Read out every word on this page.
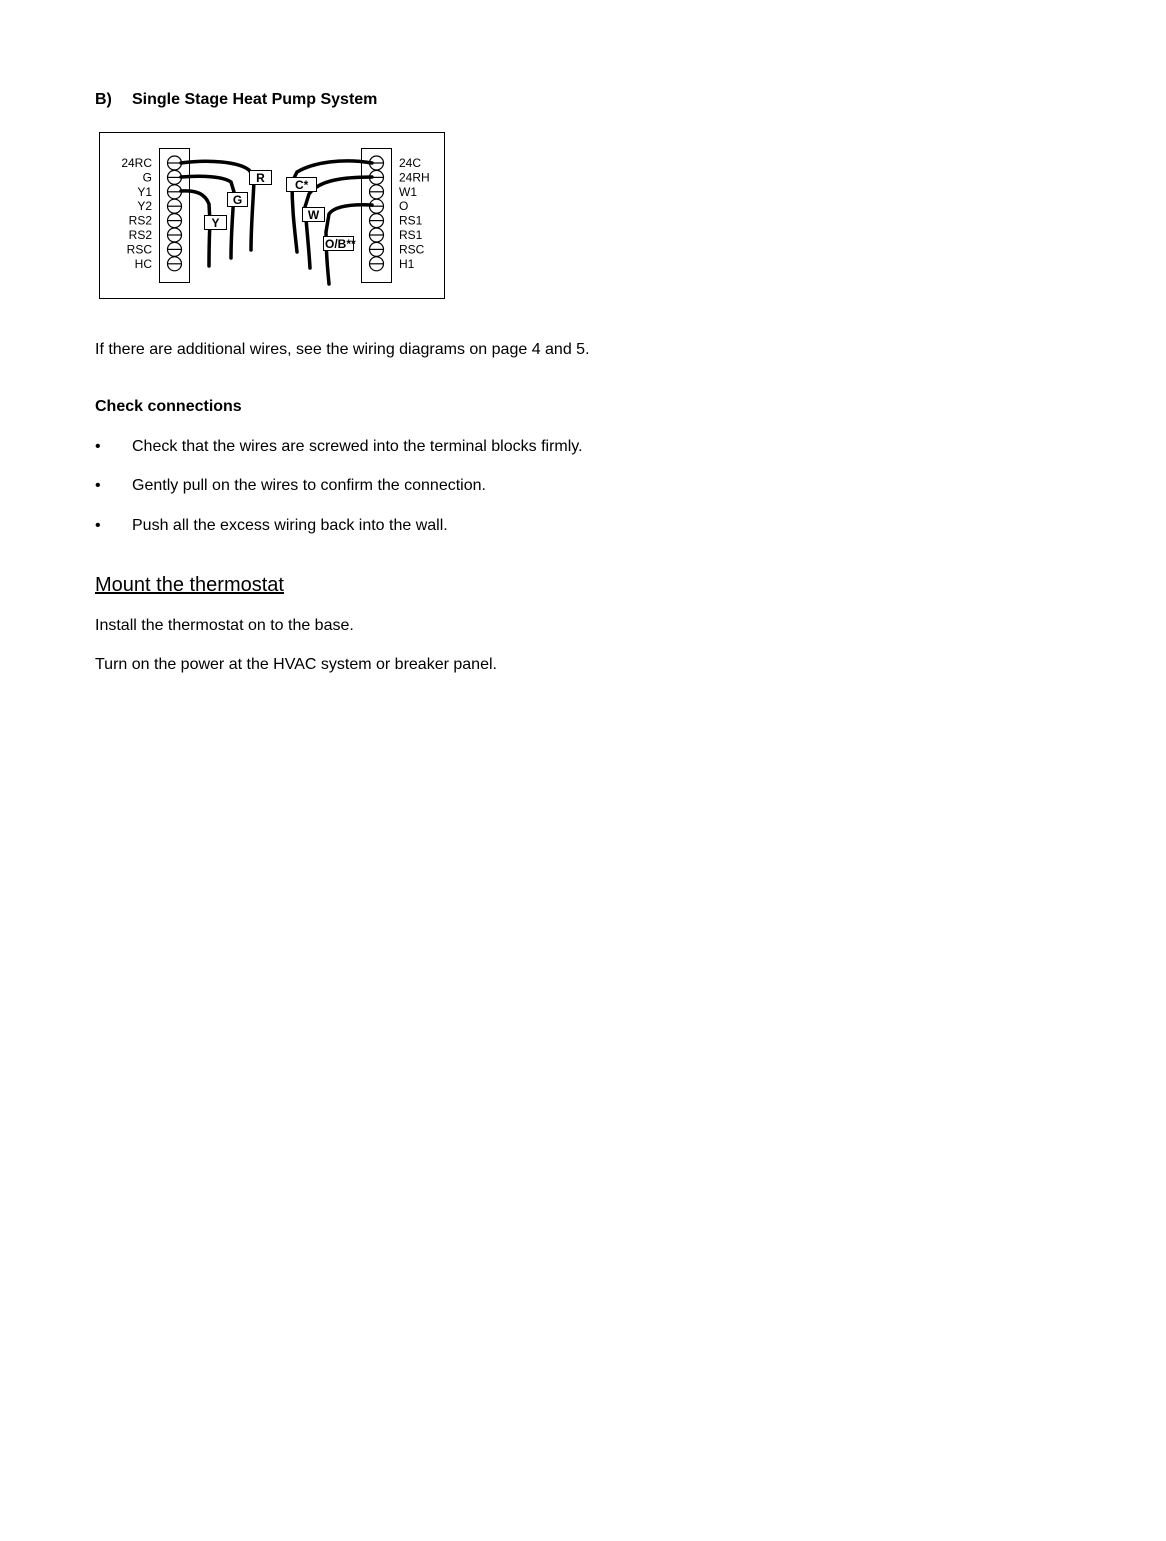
B) Single Stage Heat Pump System
R
G
Y
C*
W
O/B**
24RC
G
Y1
Y2
RS2
RS2
RSC
HC
24C
24RH
W1
O
RS1
RS1
RSC
H1
If there are additional wires, see the wiring diagrams on page 4 and 5.
Check connections
• Check that the wires are screwed into the terminal blocks firmly.
• Gently pull on the wires to confirm the connection.
• Push all the excess wiring back into the wall.
Mount the thermostat
Install the thermostat on to the base.
Turn on the power at the HVAC system or breaker panel.
